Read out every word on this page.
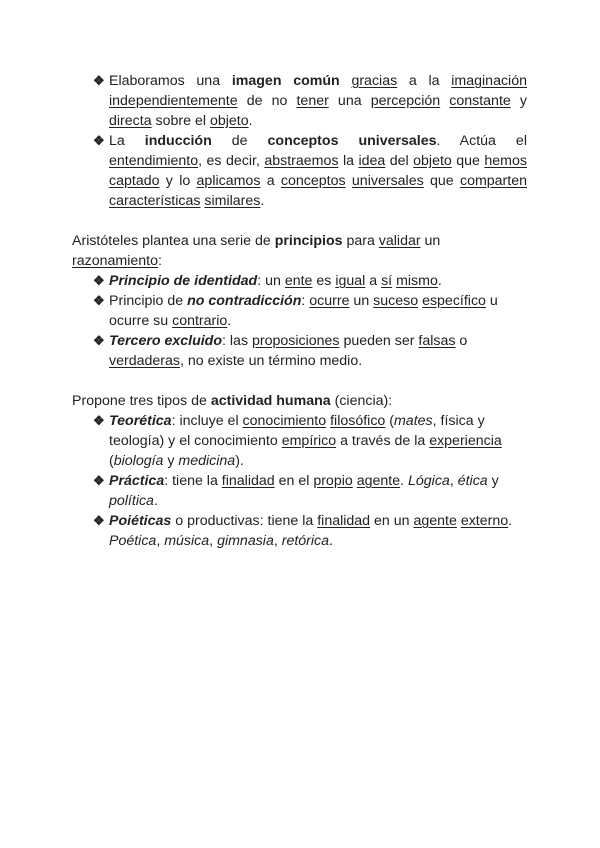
❖ Elaboramos una imagen común gracias a la imaginación independientemente de no tener una percepción constante y directa sobre el objeto.
❖ La inducción de conceptos universales. Actúa el entendimiento, es decir, abstraemos la idea del objeto que hemos captado y lo aplicamos a conceptos universales que comparten características similares.

Aristóteles plantea una serie de principios para validar un razonamiento:

❖ Principio de identidad: un ente es igual a sí mismo.
❖ Principio de no contradicción: ocurre un suceso específico u ocurre su contrario.
❖ Tercero excluido: las proposiciones pueden ser falsas o verdaderas, no existe un término medio.

Propone tres tipos de actividad humana (ciencia):

❖ Teorética: incluye el conocimiento filosófico (mates, física y teología) y el conocimiento empírico a través de la experiencia (biología y medicina).
❖ Práctica: tiene la finalidad en el propio agente. Lógica, ética y política.
❖ Poiéticas o productivas: tiene la finalidad en un agente externo. Poética, música, gimnasia, retórica.
